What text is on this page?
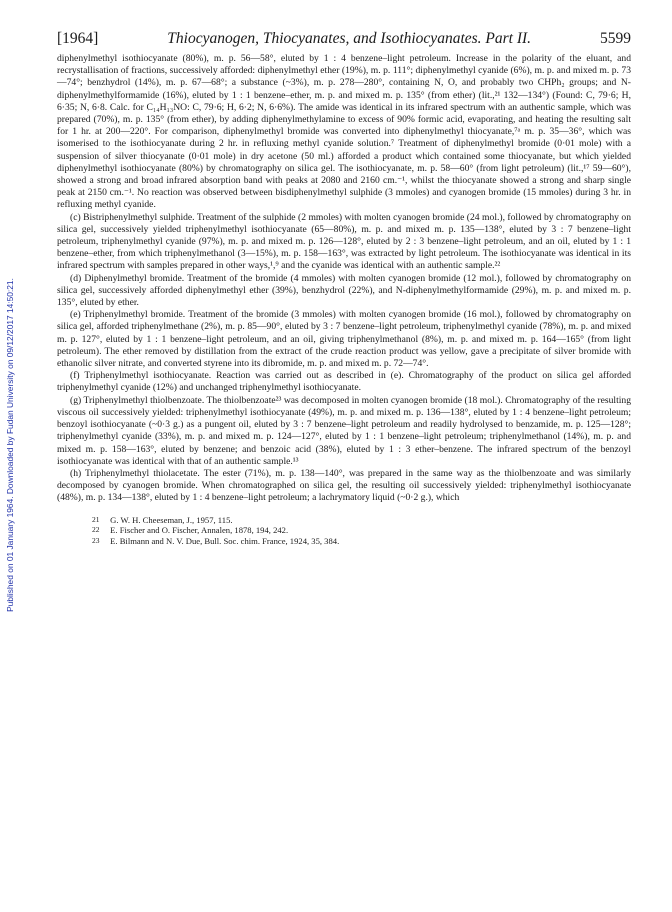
Published on 01 January 1964. Downloaded by Fudan University on 09/12/2017 14:50:21.
[1964]	Thiocyanogen, Thiocyanates, and Isothiocyanates. Part II.	5599

diphenylmethyl isothiocyanate (80%), m. p. 56—58°, eluted by 1 : 4 benzene–light petroleum. Increase in the polarity of the eluant, and recrystallisation of fractions, successively afforded: diphenylmethyl ether (19%), m. p. 111°; diphenylmethyl cyanide (6%), m. p. and mixed m. p. 73—74°; benzhydrol (14%), m. p. 67—68°; a substance (~3%), m. p. 278—280°, containing N, O, and probably two CHPh₂ groups; and N-diphenylmethylformamide (16%), eluted by 1 : 1 benzene–ether, m. p. and mixed m. p. 135° (from ether) (lit.,²¹ 132—134°) (Found: C, 79·6; H, 6·35; N, 6·8. Calc. for C₁₄H₁₃NO: C, 79·6; H, 6·2; N, 6·6%). The amide was identical in its infrared spectrum with an authentic sample, which was prepared (70%), m. p. 135° (from ether), by adding diphenylmethylamine to excess of 90% formic acid, evaporating, and heating the resulting salt for 1 hr. at 200—220°. For comparison, diphenylmethyl bromide was converted into diphenylmethyl thiocyanate,⁷ᵃ m. p. 35—36°, which was isomerised to the isothiocyanate during 2 hr. in refluxing methyl cyanide solution.⁷ Treatment of diphenylmethyl bromide (0·01 mole) with a suspension of silver thiocyanate (0·01 mole) in dry acetone (50 ml.) afforded a product which contained some thiocyanate, but which yielded diphenylmethyl isothiocyanate (80%) by chromatography on silica gel. The isothiocyanate, m. p. 58—60° (from light petroleum) (lit.,¹⁷ 59—60°), showed a strong and broad infrared absorption band with peaks at 2080 and 2160 cm.⁻¹, whilst the thiocyanate showed a strong and sharp single peak at 2150 cm.⁻¹. No reaction was observed between bisdiphenylmethyl sulphide (3 mmoles) and cyanogen bromide (15 mmoles) during 3 hr. in refluxing methyl cyanide.

(c) Bistriphenylmethyl sulphide. Treatment of the sulphide (2 mmoles) with molten cyanogen bromide (24 mol.), followed by chromatography on silica gel, successively yielded triphenylmethyl isothiocyanate (65—80%), m. p. and mixed m. p. 135—138°, eluted by 3 : 7 benzene–light petroleum, triphenylmethyl cyanide (97%), m. p. and mixed m. p. 126—128°, eluted by 2 : 3 benzene–light petroleum, and an oil, eluted by 1 : 1 benzene–ether, from which triphenylmethanol (3—15%), m. p. 158—163°, was extracted by light petroleum. The isothiocyanate was identical in its infrared spectrum with samples prepared in other ways,¹,⁹ and the cyanide was identical with an authentic sample.²²

(d) Diphenylmethyl bromide. Treatment of the bromide (4 mmoles) with molten cyanogen bromide (12 mol.), followed by chromatography on silica gel, successively afforded diphenylmethyl ether (39%), benzhydrol (22%), and N-diphenylmethylformamide (29%), m. p. and mixed m. p. 135°, eluted by ether.

(e) Triphenylmethyl bromide. Treatment of the bromide (3 mmoles) with molten cyanogen bromide (16 mol.), followed by chromatography on silica gel, afforded triphenylmethane (2%), m. p. 85—90°, eluted by 3 : 7 benzene–light petroleum, triphenylmethyl cyanide (78%), m. p. and mixed m. p. 127°, eluted by 1 : 1 benzene–light petroleum, and an oil, giving triphenylmethanol (8%), m. p. and mixed m. p. 164—165° (from light petroleum). The ether removed by distillation from the extract of the crude reaction product was yellow, gave a precipitate of silver bromide with ethanolic silver nitrate, and converted styrene into its dibromide, m. p. and mixed m. p. 72—74°.

(f) Triphenylmethyl isothiocyanate. Reaction was carried out as described in (e). Chromatography of the product on silica gel afforded triphenylmethyl cyanide (12%) and unchanged triphenylmethyl isothiocyanate.

(g) Triphenylmethyl thiolbenzoate. The thiolbenzoate²³ was decomposed in molten cyanogen bromide (18 mol.). Chromatography of the resulting viscous oil successively yielded: triphenylmethyl isothiocyanate (49%), m. p. and mixed m. p. 136—138°, eluted by 1 : 4 benzene–light petroleum; benzoyl isothiocyanate (~0·3 g.) as a pungent oil, eluted by 3 : 7 benzene–light petroleum and readily hydrolysed to benzamide, m. p. 125—128°; triphenylmethyl cyanide (33%), m. p. and mixed m. p. 124—127°, eluted by 1 : 1 benzene–light petroleum; triphenylmethanol (14%), m. p. and mixed m. p. 158—163°, eluted by benzene; and benzoic acid (38%), eluted by 1 : 3 ether–benzene. The infrared spectrum of the benzoyl isothiocyanate was identical with that of an authentic sample.¹³

(h) Triphenylmethyl thiolacetate. The ester (71%), m. p. 138—140°, was prepared in the same way as the thiolbenzoate and was similarly decomposed by cyanogen bromide. When chromatographed on silica gel, the resulting oil successively yielded: triphenylmethyl isothiocyanate (48%), m. p. 134—138°, eluted by 1 : 4 benzene–light petroleum; a lachrymatory liquid (~0·2 g.), which

21 G. W. H. Cheeseman, J., 1957, 115.

22 E. Fischer and O. Fischer, Annalen, 1878, 194, 242.

23 E. Bilmann and N. V. Due, Bull. Soc. chim. France, 1924, 35, 384.
